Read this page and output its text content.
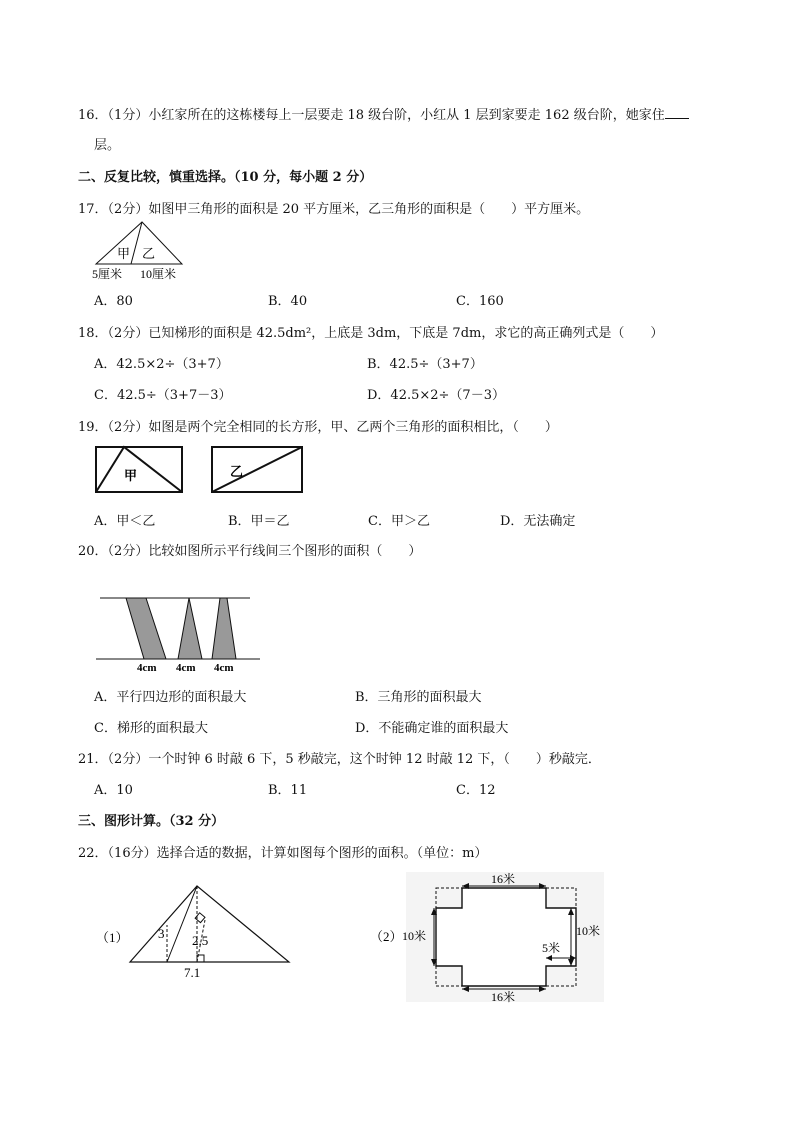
16．（1分）小红家所在的这栋楼每上一层要走 18 级台阶，小红从 1 层到家要走 162 级台阶，她家住
层。
二、反复比较，慎重选择。（10 分，每小题 2 分）
17．（2分）如图甲三角形的面积是 20 平方厘米，乙三角形的面积是（　　）平方厘米。
甲 乙
5厘米 10厘米
A．80	B．40	C．160
18．（2分）已知梯形的面积是 42.5dm²，上底是 3dm，下底是 7dm，求它的高正确列式是（　　）
A．42.5×2÷（3+7）	B．42.5÷（3+7）
C．42.5÷（3+7－3）	D．42.5×2÷（7－3）
19．（2分）如图是两个完全相同的长方形，甲、乙两个三角形的面积相比，（　　）
甲	乙
A．甲＜乙	B．甲＝乙	C．甲＞乙	D．无法确定
20．（2分）比较如图所示平行线间三个图形的面积（　　）
4cm 4cm 4cm
A．平行四边形的面积最大	B．三角形的面积最大
C．梯形的面积最大	D．不能确定谁的面积最大
21．（2分）一个时钟 6 时敲 6 下，5 秒敲完，这个时钟 12 时敲 12 下，（　　）秒敲完．
A．10	B．11	C．12
三、图形计算。（32 分）
22．（16分）选择合适的数据，计算如图每个图形的面积。（单位：m）
（1） 3 2.5
7.1
（2）
16米
16米
10米	10米
5米
